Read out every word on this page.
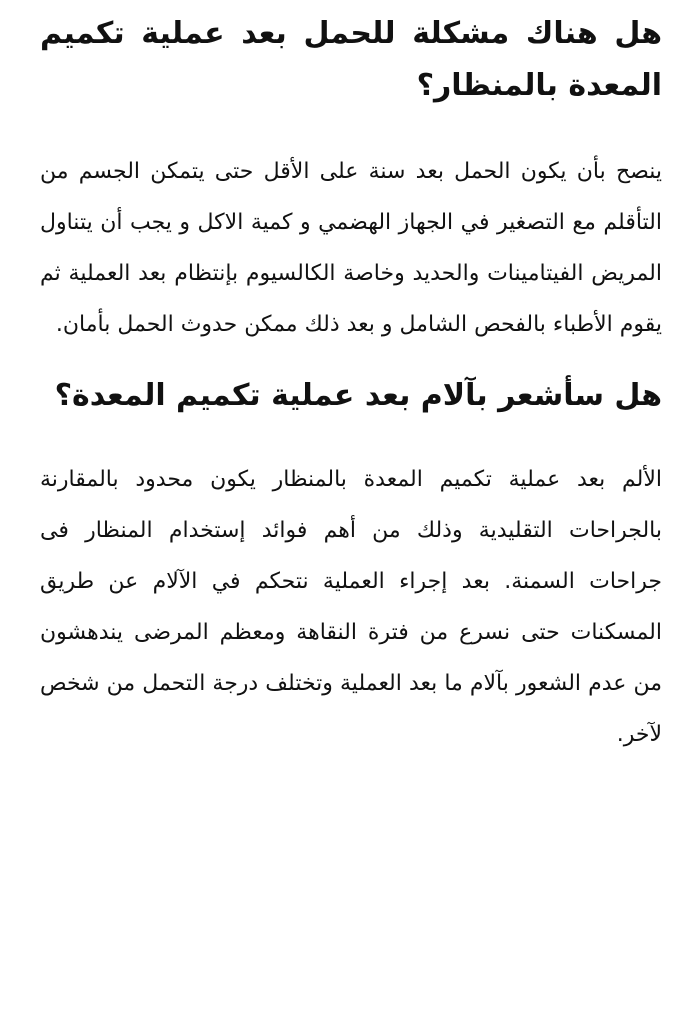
هل هناك مشكلة للحمل بعد عملية تكميم المعدة بالمنظار؟

ينصح بأن يكون الحمل بعد سنة على الأقل حتى يتمكن الجسم من التأقلم مع التصغير في الجهاز الهضمي و كمية الاكل و يجب أن يتناول المريض الفيتامينات والحديد وخاصة الكالسيوم بإنتظام بعد العملية ثم يقوم الأطباء بالفحص الشامل و بعد ذلك ممكن حدوث الحمل بأمان.

هل سأشعر بآلام بعد عملية تكميم المعدة؟

الألم بعد عملية تكميم المعدة بالمنظار يكون محدود بالمقارنة بالجراحات التقليدية وذلك من أهم فوائد إستخدام المنظار فى جراحات السمنة. بعد إجراء العملية نتحكم في الآلام عن طريق المسكنات حتى نسرع من فترة النقاهة ومعظم المرضى يندهشون من عدم الشعور بآلام ما بعد العملية وتختلف درجة التحمل من شخص لآخر.
